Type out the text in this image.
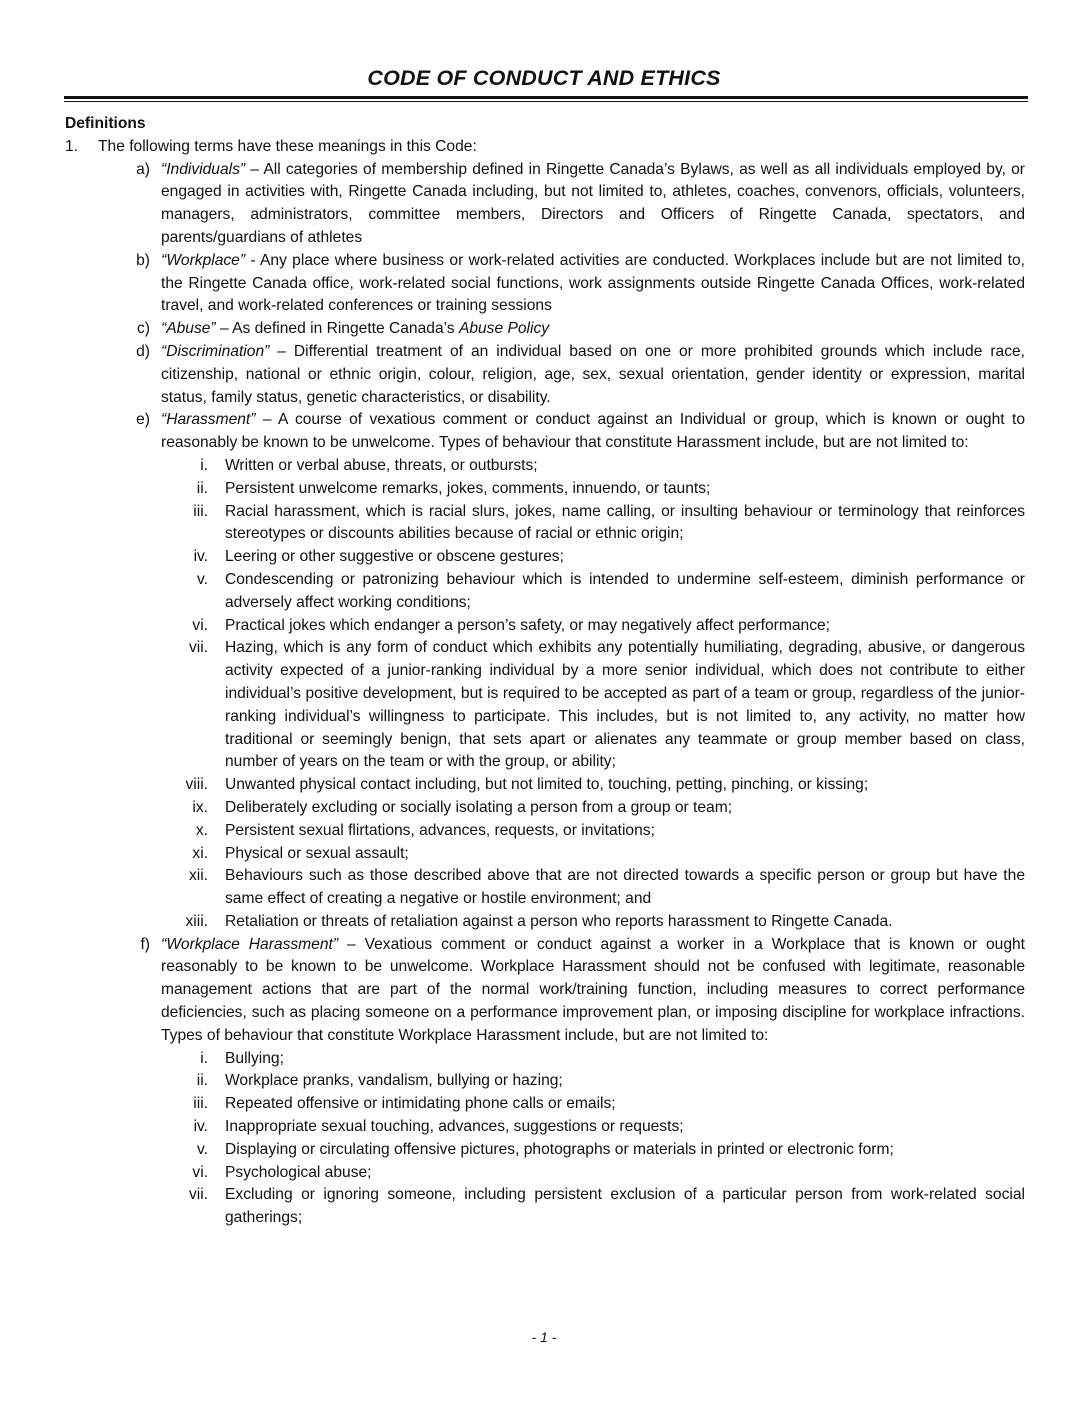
CODE OF CONDUCT AND ETHICS
Definitions
1. The following terms have these meanings in this Code:
a) “Individuals” – All categories of membership defined in Ringette Canada’s Bylaws, as well as all individuals employed by, or engaged in activities with, Ringette Canada including, but not limited to, athletes, coaches, convenors, officials, volunteers, managers, administrators, committee members, Directors and Officers of Ringette Canada, spectators, and parents/guardians of athletes
b) “Workplace” - Any place where business or work-related activities are conducted. Workplaces include but are not limited to, the Ringette Canada office, work-related social functions, work assignments outside Ringette Canada Offices, work-related travel, and work-related conferences or training sessions
c) “Abuse” – As defined in Ringette Canada’s Abuse Policy
d) “Discrimination” – Differential treatment of an individual based on one or more prohibited grounds which include race, citizenship, national or ethnic origin, colour, religion, age, sex, sexual orientation, gender identity or expression, marital status, family status, genetic characteristics, or disability.
e) “Harassment” – A course of vexatious comment or conduct against an Individual or group, which is known or ought to reasonably be known to be unwelcome. Types of behaviour that constitute Harassment include, but are not limited to:
i. Written or verbal abuse, threats, or outbursts;
ii. Persistent unwelcome remarks, jokes, comments, innuendo, or taunts;
iii. Racial harassment, which is racial slurs, jokes, name calling, or insulting behaviour or terminology that reinforces stereotypes or discounts abilities because of racial or ethnic origin;
iv. Leering or other suggestive or obscene gestures;
v. Condescending or patronizing behaviour which is intended to undermine self-esteem, diminish performance or adversely affect working conditions;
vi. Practical jokes which endanger a person’s safety, or may negatively affect performance;
vii. Hazing, which is any form of conduct which exhibits any potentially humiliating, degrading, abusive, or dangerous activity expected of a junior-ranking individual by a more senior individual, which does not contribute to either individual’s positive development, but is required to be accepted as part of a team or group, regardless of the junior-ranking individual’s willingness to participate. This includes, but is not limited to, any activity, no matter how traditional or seemingly benign, that sets apart or alienates any teammate or group member based on class, number of years on the team or with the group, or ability;
viii. Unwanted physical contact including, but not limited to, touching, petting, pinching, or kissing;
ix. Deliberately excluding or socially isolating a person from a group or team;
x. Persistent sexual flirtations, advances, requests, or invitations;
xi. Physical or sexual assault;
xii. Behaviours such as those described above that are not directed towards a specific person or group but have the same effect of creating a negative or hostile environment; and
xiii. Retaliation or threats of retaliation against a person who reports harassment to Ringette Canada.
f) “Workplace Harassment” – Vexatious comment or conduct against a worker in a Workplace that is known or ought reasonably to be known to be unwelcome. Workplace Harassment should not be confused with legitimate, reasonable management actions that are part of the normal work/training function, including measures to correct performance deficiencies, such as placing someone on a performance improvement plan, or imposing discipline for workplace infractions. Types of behaviour that constitute Workplace Harassment include, but are not limited to:
i. Bullying;
ii. Workplace pranks, vandalism, bullying or hazing;
iii. Repeated offensive or intimidating phone calls or emails;
iv. Inappropriate sexual touching, advances, suggestions or requests;
v. Displaying or circulating offensive pictures, photographs or materials in printed or electronic form;
vi. Psychological abuse;
vii. Excluding or ignoring someone, including persistent exclusion of a particular person from work-related social gatherings;
- 1 -
